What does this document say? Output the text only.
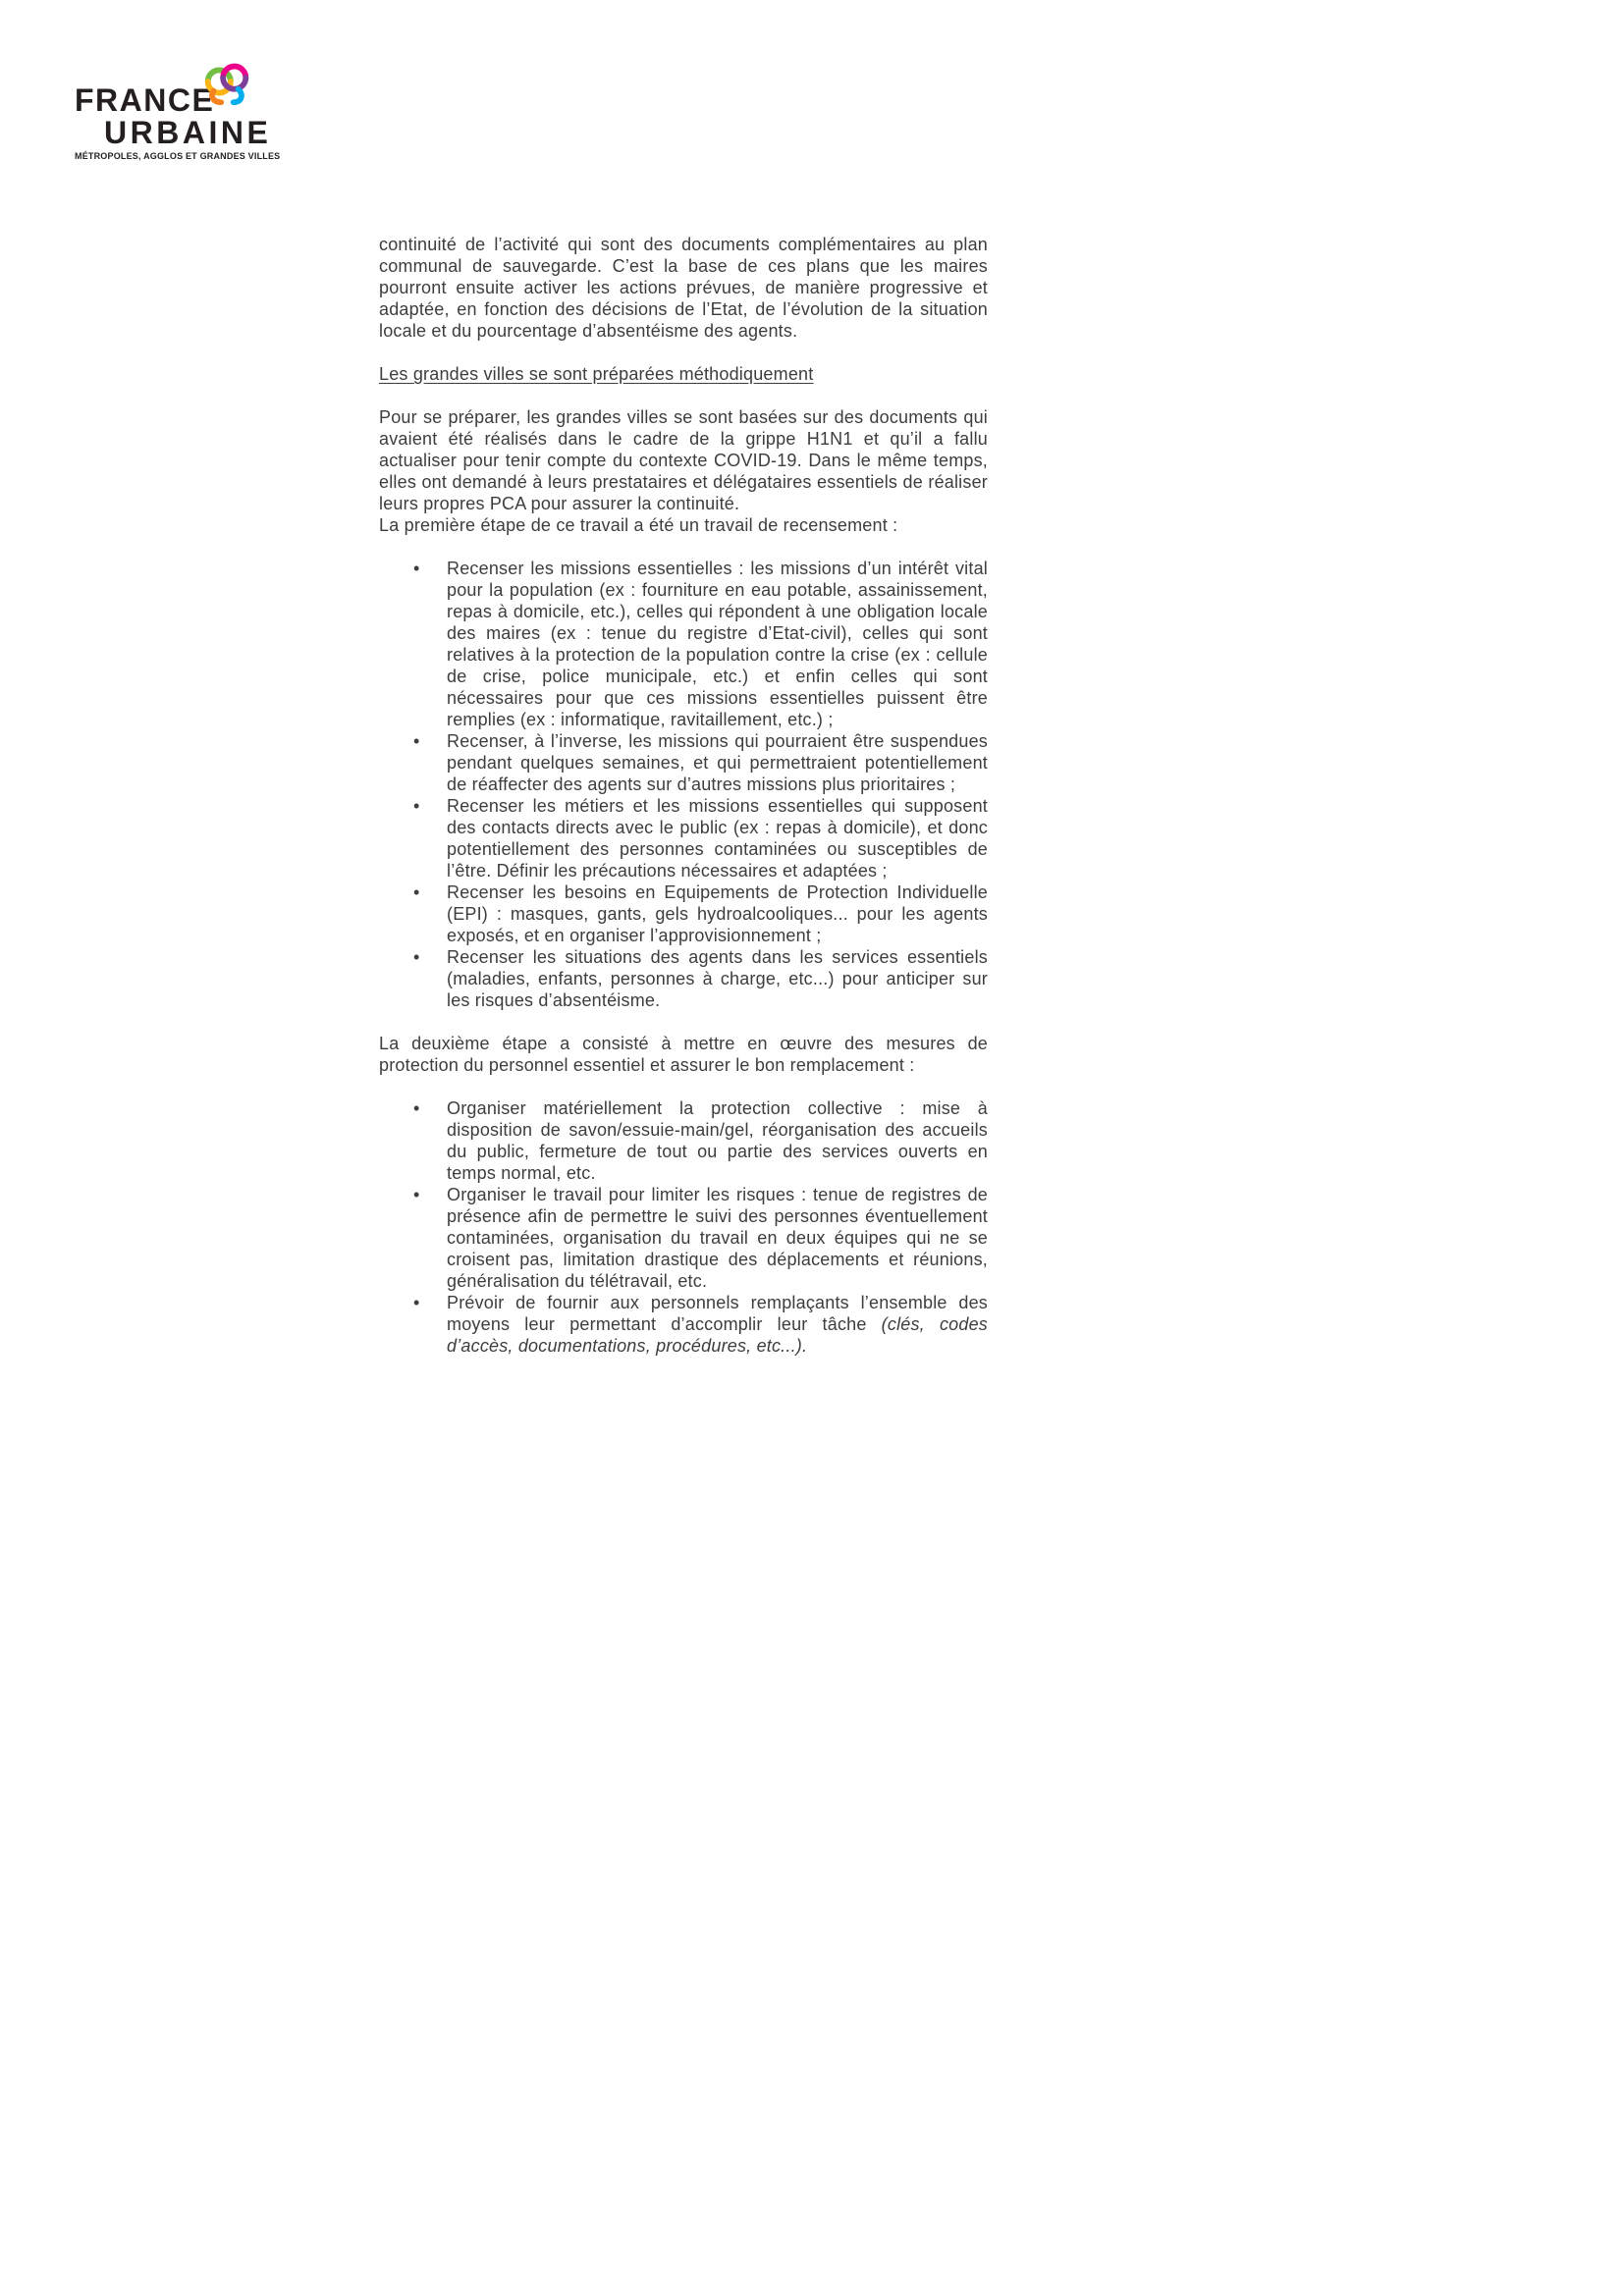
FRANCE
URBAINE
MÉTROPOLES, AGGLOS ET GRANDES VILLES

continuité de l’activité qui sont des documents complémentaires au plan communal de sauvegarde. C’est la base de ces plans que les maires pourront ensuite activer les actions prévues, de manière progressive et adaptée, en fonction des décisions de l’Etat, de l’évolution de la situation locale et du pourcentage d’absentéisme des agents.

Les grandes villes se sont préparées méthodiquement

Pour se préparer, les grandes villes se sont basées sur des documents qui avaient été réalisés dans le cadre de la grippe H1N1 et qu’il a fallu actualiser pour tenir compte du contexte COVID-19. Dans le même temps, elles ont demandé à leurs prestataires et délégataires essentiels de réaliser leurs propres PCA pour assurer la continuité.

La première étape de ce travail a été un travail de recensement :

• Recenser les missions essentielles : les missions d’un intérêt vital pour la population (ex : fourniture en eau potable, assainissement, repas à domicile, etc.), celles qui répondent à une obligation locale des maires (ex : tenue du registre d’Etat-civil), celles qui sont relatives à la protection de la population contre la crise (ex : cellule de crise, police municipale, etc.) et enfin celles qui sont nécessaires pour que ces missions essentielles puissent être remplies (ex : informatique, ravitaillement, etc.) ;
• Recenser, à l’inverse, les missions qui pourraient être suspendues pendant quelques semaines, et qui permettraient potentiellement de réaffecter des agents sur d’autres missions plus prioritaires ;
• Recenser les métiers et les missions essentielles qui supposent des contacts directs avec le public (ex : repas à domicile), et donc potentiellement des personnes contaminées ou susceptibles de l’être. Définir les précautions nécessaires et adaptées ;
• Recenser les besoins en Equipements de Protection Individuelle (EPI) : masques, gants, gels hydroalcooliques... pour les agents exposés, et en organiser l’approvisionnement ;
• Recenser les situations des agents dans les services essentiels (maladies, enfants, personnes à charge, etc...) pour anticiper sur les risques d’absentéisme.

La deuxième étape a consisté à mettre en œuvre des mesures de protection du personnel essentiel et assurer le bon remplacement :

• Organiser matériellement la protection collective : mise à disposition de savon/essuie-main/gel, réorganisation des accueils du public, fermeture de tout ou partie des services ouverts en temps normal, etc.
• Organiser le travail pour limiter les risques : tenue de registres de présence afin de permettre le suivi des personnes éventuellement contaminées, organisation du travail en deux équipes qui ne se croisent pas, limitation drastique des déplacements et réunions, généralisation du télétravail, etc.
• Prévoir de fournir aux personnels remplaçants l’ensemble des moyens leur permettant d’accomplir leur tâche (clés, codes d’accès, documentations, procédures, etc...).
